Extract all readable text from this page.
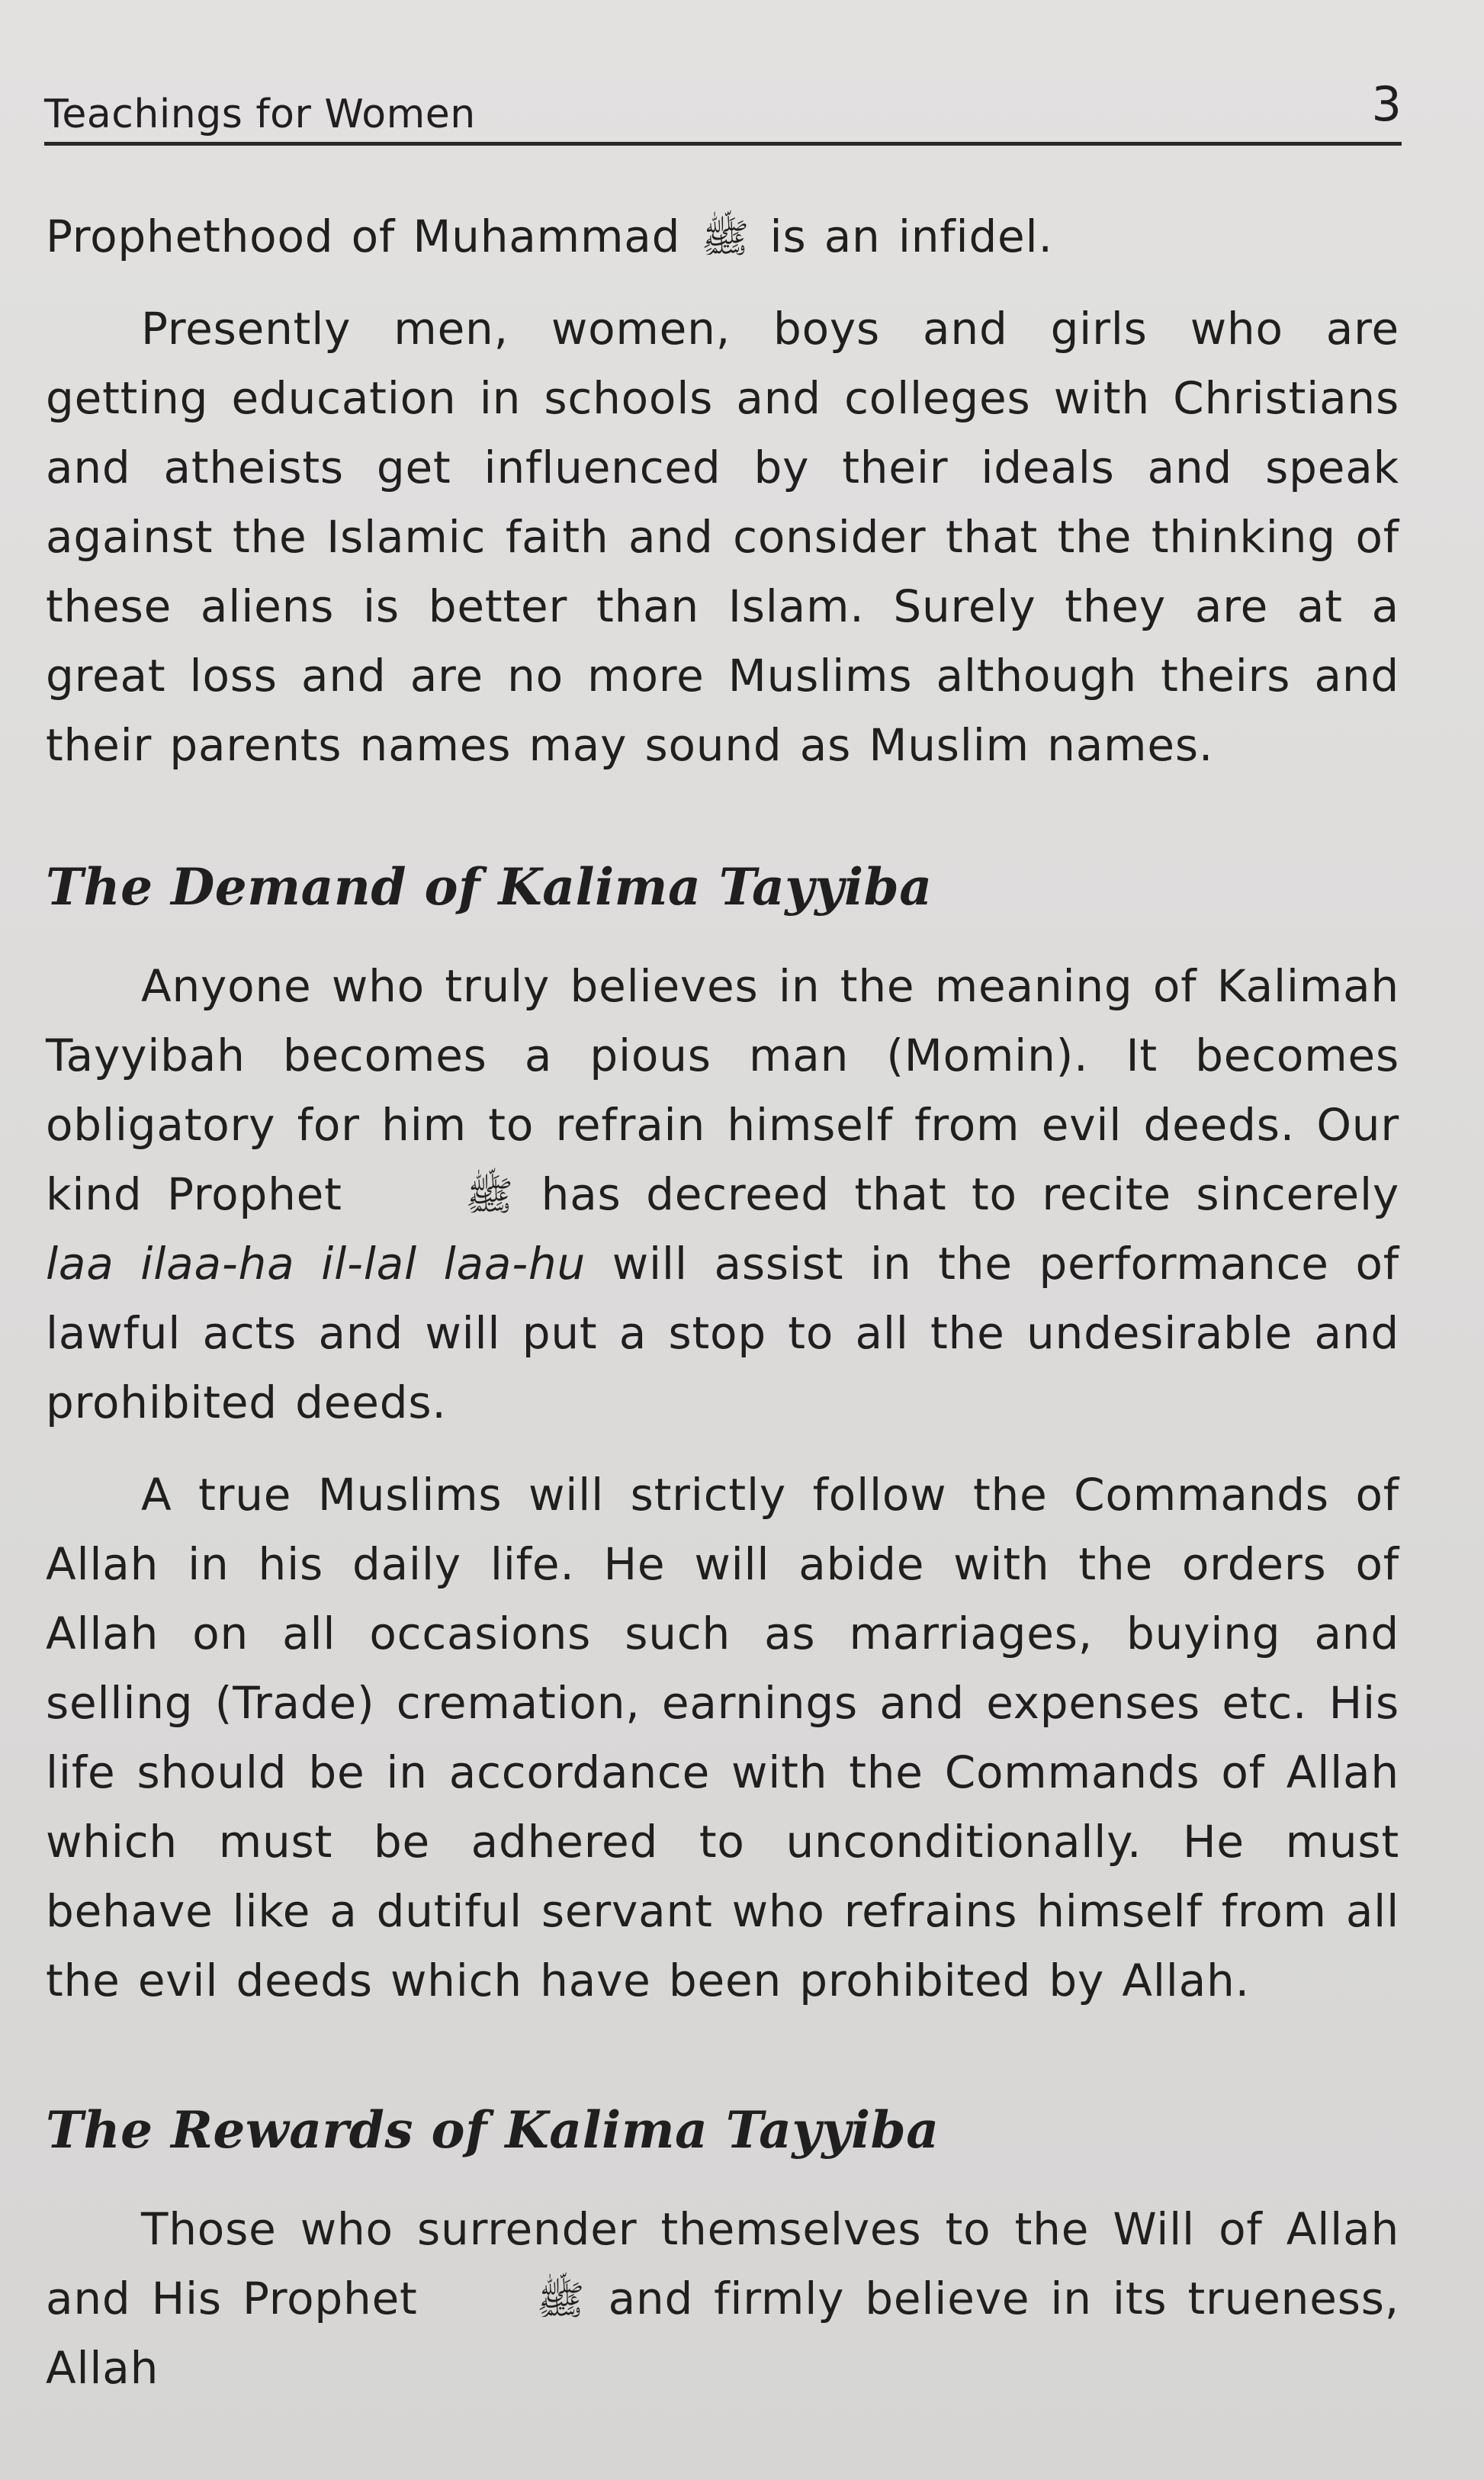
Teachings for Women	3

Prophethood of Muhammad ﷺ is an infidel.

Presently men, women, boys and girls who are getting education in schools and colleges with Christians and atheists get influenced by their ideals and speak against the Islamic faith and consider that the thinking of these aliens is better than Islam. Surely they are at a great loss and are no more Muslims although theirs and their parents names may sound as Muslim names.

The Demand of Kalima Tayyiba

Anyone who truly believes in the meaning of Kalimah Tayyibah becomes a pious man (Momin). It becomes obligatory for him to refrain himself from evil deeds. Our kind Prophet	ﷺ has decreed that to recite sincerely laa ilaa-ha il-lal laa-hu will assist in the performance of lawful acts and will put a stop to all the undesirable and prohibited deeds.

A true Muslims will strictly follow the Commands of Allah in his daily life. He will abide with the orders of Allah on all occasions such as marriages, buying and selling (Trade) cremation, earnings and expenses etc. His life should be in accordance with the Commands of Allah which must be adhered to unconditionally. He must behave like a dutiful servant who refrains himself from all the evil deeds which have been prohibited by Allah.

The Rewards of Kalima Tayyiba

Those who surrender themselves to the Will of Allah and His Prophet	ﷺ and firmly believe in its trueness, Allah
